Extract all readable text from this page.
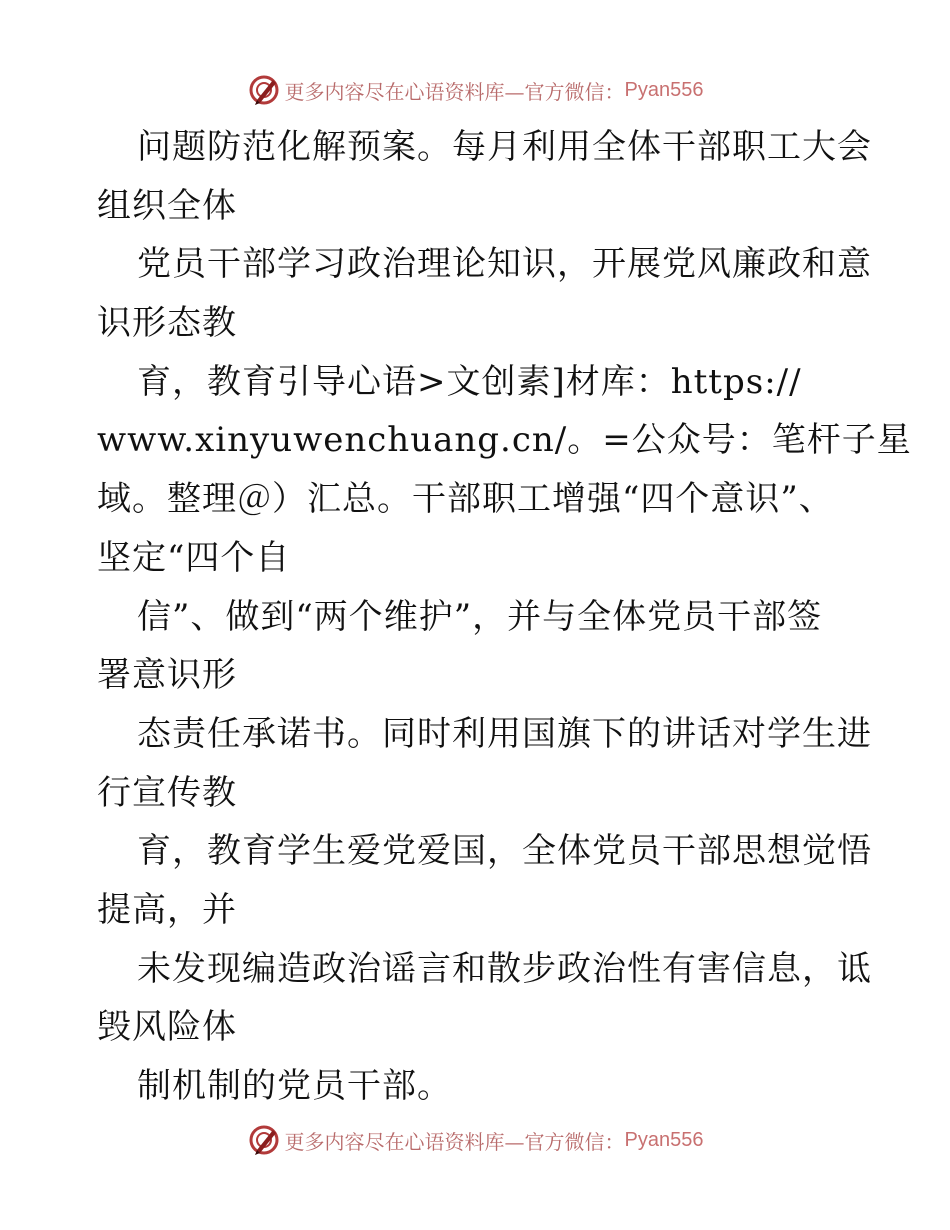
更多内容尽在心语资料库—官方微信： Pyan556
问题防范化解预案。每月利用全体干部职工大会
组织全体
党员干部学习政治理论知识，开展党风廉政和意
识形态教
育，教育引导心语>文创素]材库：https://
www.xinyuwenchuang.cn/。=公众号：笔杆子星
域。整理＠）汇总。干部职工增强“四个意识”、
坚定“四个自
信”、做到“两个维护”，并与全体党员干部签
署意识形
态责任承诺书。同时利用国旗下的讲话对学生进
行宣传教
育，教育学生爱党爱国，全体党员干部思想觉悟
提高，并
未发现编造政治谣言和散步政治性有害信息，诋
毁风险体
制机制的党员干部。
更多内容尽在心语资料库—官方微信： Pyan556
